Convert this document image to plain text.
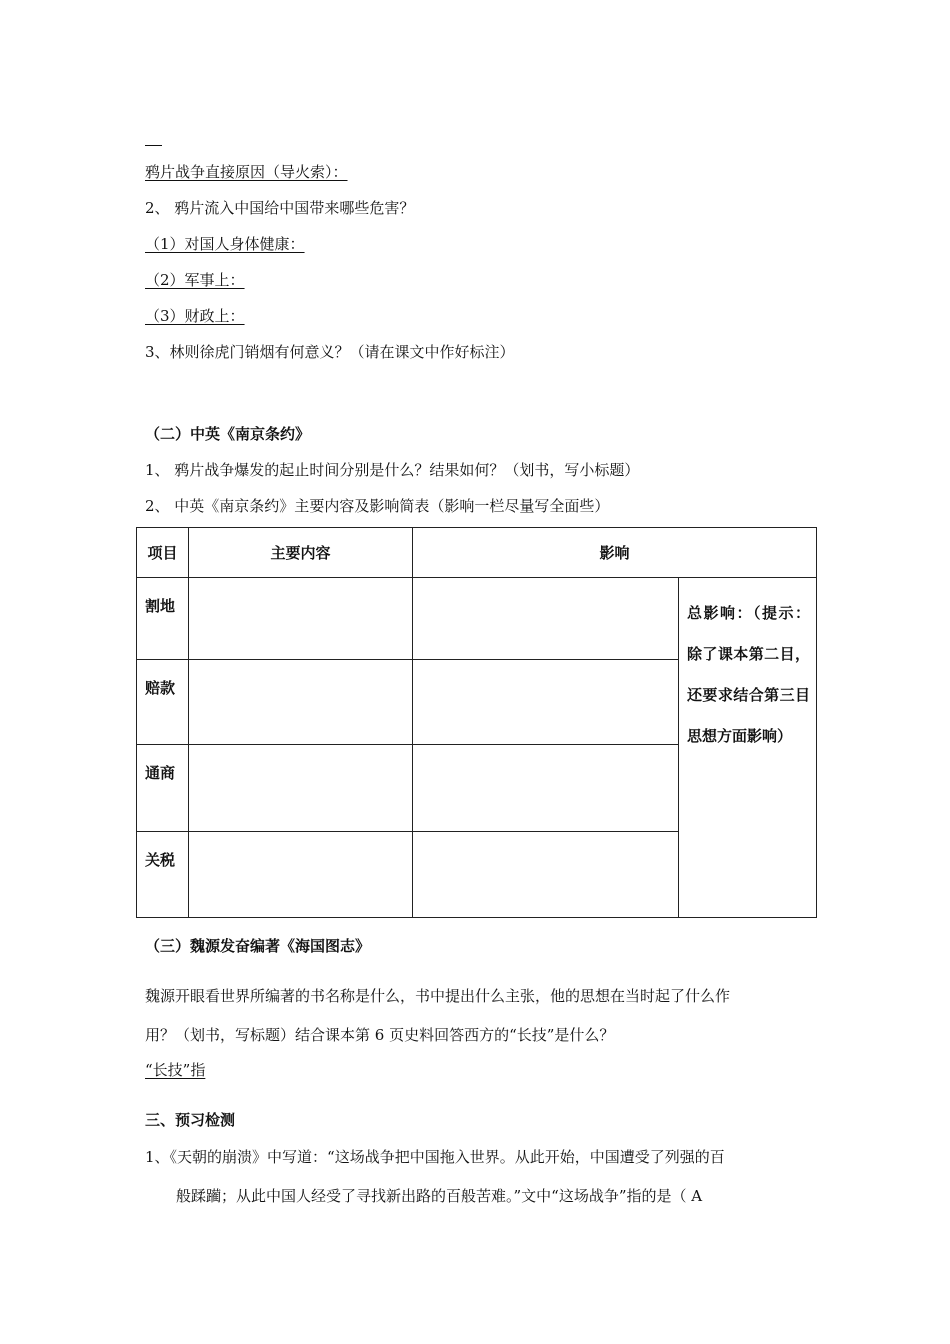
鸦片战争直接原因（导火索）：
2、 鸦片流入中国给中国带来哪些危害？
（1）对国人身体健康：
（2）军事上：
（3）财政上：
3、林则徐虎门销烟有何意义？（请在课文中作好标注）
（二）中英《南京条约》
1、 鸦片战争爆发的起止时间分别是什么？结果如何？（划书，写小标题）
2、 中英《南京条约》主要内容及影响简表（影响一栏尽量写全面些）
项目	主要内容	影响	
割地			总影响：（提示：除了课本第二目，还要求结合第三目思想方面影响）
赔款			
通商			
关税			
（三）魏源发奋编著《海国图志》
魏源开眼看世界所编著的书名称是什么，书中提出什么主张，他的思想在当时起了什么作
用？（划书，写标题）结合课本第 6 页史料回答西方的“长技”是什么？
“长技”指
三、预习检测
1、《天朝的崩溃》中写道：“这场战争把中国拖入世界。从此开始，中国遭受了列强的百
般蹂躏；从此中国人经受了寻找新出路的百般苦难。”文中“这场战争”指的是（ A
